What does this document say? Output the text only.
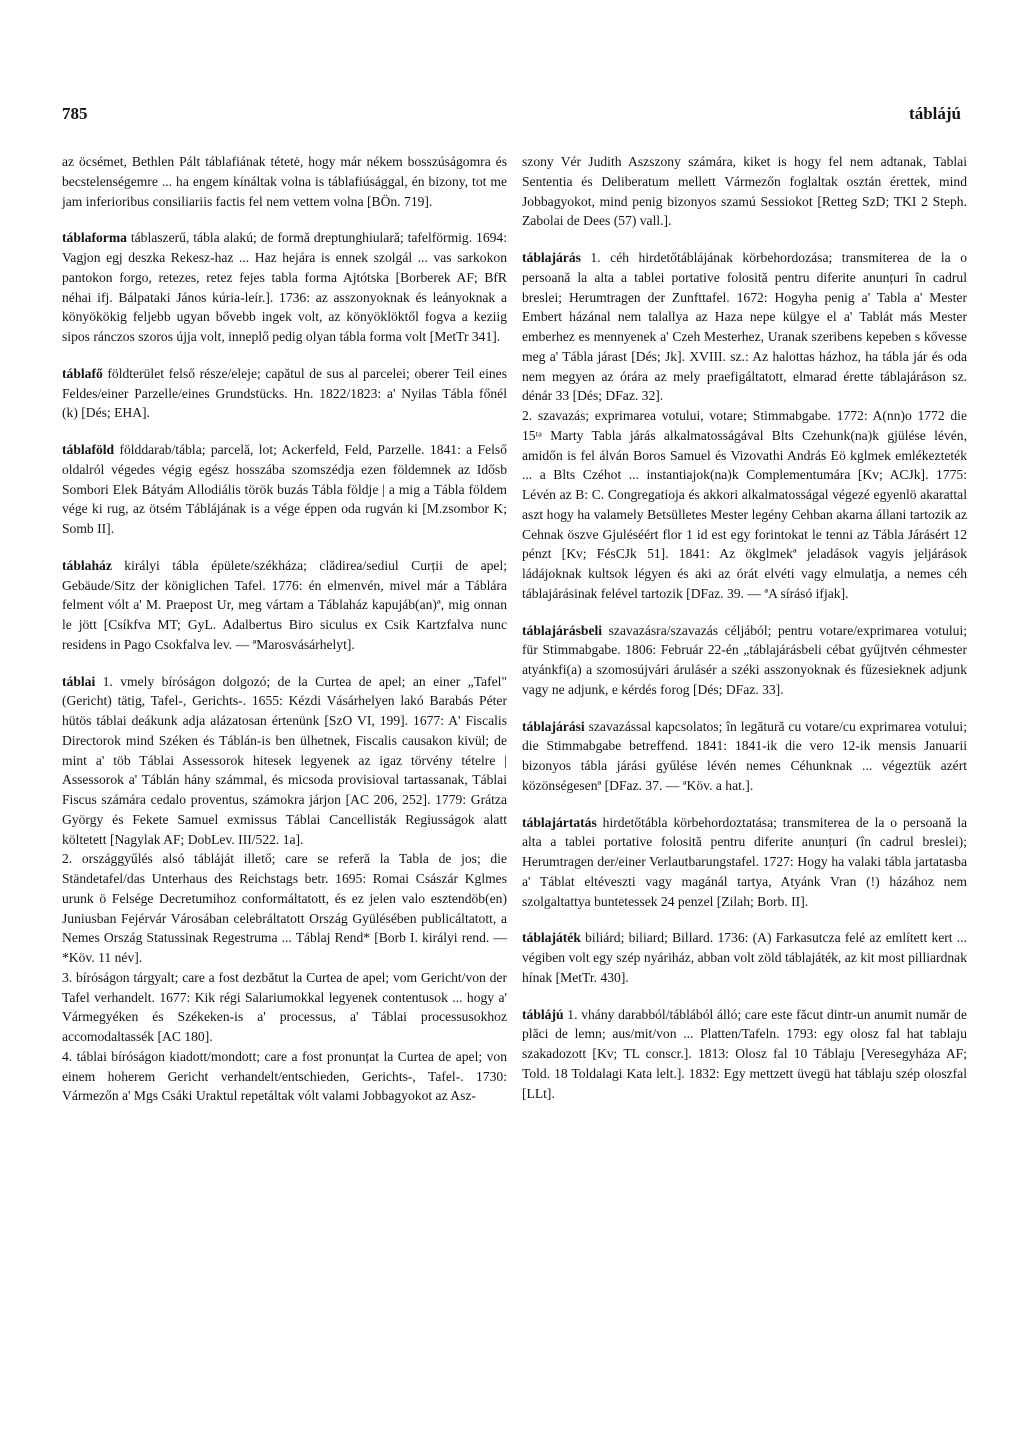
785	táblájú

az öcsémet, Bethlen Pált táblafiának tétetė, hogy már nékem bosszúságomra és becstelenségemre ... ha engem kínáltak volna is táblafiúsággal, én bizony, tot me jam inferioribus consiliariis factis fel nem vettem volna [BÖn. 719].

táblaforma táblaszerű, tábla alakú; de formă dreptunghiulară; tafelförmig. 1694: Vagjon egj deszka Rekesz-haz ... Haz hejára is ennek szolgál ... vas sarkokon pantokon forgo, retezes, retez fejes tabla forma Ajtótska [Borberek AF; BfR néhai ifj. Bálpataki János kúria-leír.]. 1736: az asszonyoknak és leányoknak a könyökökig feljebb ugyan bővebb ingek volt, az könyöklöktől fogva a keziig sipos ránczos szoros újja volt, inneplő pedig olyan tábla forma volt [MetTr 341].

táblafő földterület felső része/eleje; capătul de sus al parcelei; oberer Teil eines Feldes/einer Parzelle/eines Grundstücks. Hn. 1822/1823: a' Nyilas Tábla főnél (k) [Dés; EHA].

táblaföld földdarab/tábla; parcelă, lot; Ackerfeld, Feld, Parzelle. 1841: a Felső oldalról végedes végig egész hosszába szomszédja ezen földemnek az Idősb Sombori Elek Bátyám Allodiális török buzás Tábla földje | a mig a Tábla földem vége ki rug, az ötsém Táblájának is a vége éppen oda rugván ki [M.zsombor K; Somb II].

táblaház királyi tábla épülete/székháza; clădirea/sediul Curții de apel; Gebäude/Sitz der königlichen Tafel. 1776: én elmenvén, mivel már a Táblára felment vólt a' M. Praepost Ur, meg vártam a Táblaház kapujáb(an)ª, mig onnan le jött [Csíkfva MT; GyL. Adalbertus Biro siculus ex Csik Kartzfalva nunc residens in Pago Csokfalva lev. — ªMarosvásárhelyt].

táblai 1. vmely bíróságon dolgozó; de la Curtea de apel; an einer „Tafel" (Gericht) tätig, Tafel-, Gerichts-. 1655: Kézdi Vásárhelyen lakó Barabás Péter hütös táblai deákunk adja alázatosan értenünk [SzO VI, 199]. 1677: A' Fiscalis Directorok mind Széken és Táblán-is ben ülhetnek, Fiscalis causakon kivül; de mint a' töb Táblai Assessorok hitesek legyenek az igaz törvény tételre | Assessorok a' Táblán hány számmal, és micsoda provisioval tartassanak, Táblai Fiscus számára cedalo proventus, számokra járjon [AC 206, 252]. 1779: Grátza György és Fekete Samuel exmissus Táblai Cancellisták Regiusságok alatt költetett [Nagylak AF; DobLev. III/522. 1a].

2. országgyűlés alsó tábláját illető; care se referă la Tabla de jos; die Ständetafel/das Unterhaus des Reichstags betr. 1695: Romai Császár Kglmes urunk ö Felsége Decretumihoz conformáltatott, és ez jelen valo esztendöb(en) Juniusban Fejérvár Városában celebráltatott Ország Gyülésében publicáltatott, a Nemes Ország Statussinak Regestruma ... Táblaj Rend* [Borb I. királyi rend. — *Köv. 11 név].

3. bíróságon tárgyalt; care a fost dezbătut la Curtea de apel; vom Gericht/von der Tafel verhandelt. 1677: Kik régi Salariumokkal legyenek contentusok ... hogy a' Vármegyéken és Székeken-is a' processus, a' Táblai processusokhoz accomodaltassék [AC 180].

4. táblai bíróságon kiadott/mondott; care a fost pronunțat la Curtea de apel; von einem hoherem Gericht verhandelt/entschieden, Gerichts-, Tafel-. 1730: Vármezőn a' Mgs Csáki Uraktul repetáltak vólt valami Jobbagyokot az Asz-

szony Vér Judith Aszszony számára, kiket is hogy fel nem adtanak, Tablai Sententia és Deliberatum mellett Vármezőn foglaltak osztán érettek, mind Jobbagyokot, mind penig bizonyos szamú Sessiokot [Retteg SzD; TKI 2 Steph. Zabolai de Dees (57) vall.].

táblajárás 1. céh hirdetőtáblájának körbehordozása; transmiterea de la o persoană la alta a tablei portative folosită pentru diferite anunțuri în cadrul breslei; Herumtragen der Zunfttafel. 1672: Hogyha penig a' Tabla a' Mester Embert házánal nem talallya az Haza nepe külgye el a' Tablát más Mester emberhez es mennyenek a' Czeh Mesterhez, Uranak szeribens kepeben s kővesse meg a' Tábla járast [Dés; Jk]. XVIII. sz.: Az halottas házhoz, ha tábla jár és oda nem megyen az órára az mely praefigáltatott, elmarad érette táblajáráson sz. dénár 33 [Dés; DFaz. 32].

2. szavazás; exprimarea votului, votare; Stimmabgabe. 1772: A(nn)o 1772 die 15ᵗᵃ Marty Tabla járás alkalmatosságával Blts Czehunk(na)k gjülése lévén, amidőn is fel álván Boros Samuel és Vizovathi András Eö kglmek emlékezteték ... a Blts Czéhot ... instantiajok(na)k Complementumára [Kv; ACJk]. 1775: Lévén az B: C. Congregatioja és akkori alkalmatosságal végezé egyenlö akarattal aszt hogy ha valamely Betsülletes Mester legény Cehban akarna állani tartozik az Cehnak öszve Gjuléséért flor 1 id est egy forintokat le tenni az Tábla Járásért 12 pénzt [Kv; FésCJk 51]. 1841: Az ökglmekª jeladások vagyis jeljárások ládájoknak kultsok légyen és aki az órát elvéti vagy elmulatja, a nemes céh táblajárásinak felével tartozik [DFaz. 39. — ªA sírásó ifjak].

táblajárásbeli szavazásra/szavazás céljából; pentru votare/exprimarea votului; für Stimmabgabe. 1806: Február 22-én „táblajárásbeli cébat gyűjtvén céhmester atyánkfi(a) a szomosújvári árulásér a széki asszonyoknak és fűzesieknek adjunk vagy ne adjunk, e kérdés forog [Dés; DFaz. 33].

táblajárási szavazással kapcsolatos; în legătură cu votare/cu exprimarea votului; die Stimmabgabe betreffend. 1841: 1841-ik die vero 12-ik mensis Januarii bizonyos tábla járási gyűlése lévén nemes Céhunknak ... végeztük azért közönségesenª [DFaz. 37. — ªKöv. a hat.].

táblajártatás hirdetőtábla körbehordoztatása; transmiterea de la o persoană la alta a tablei portative folosită pentru diferite anunțuri (în cadrul breslei); Herumtragen der/einer Verlautbarungstafel. 1727: Hogy ha valaki tábla jartatasba a' Táblat eltéveszti vagy magánál tartya, Atyánk Vran (!) házához nem szolgaltattya buntetessek 24 penzel [Zilah; Borb. II].

táblajáték biliárd; biliard; Billard. 1736: (A) Farkasutcza felé az említett kert ... végiben volt egy szép nyáriház, abban volt zöld táblajáték, az kit most pilliardnak hínak [MetTr. 430].

táblájú 1. vhány darabból/táblából álló; care este făcut dintr-un anumit număr de plăci de lemn; aus/mit/von ... Platten/Tafeln. 1793: egy olosz fal hat tablaju szakadozott [Kv; TL conscr.]. 1813: Olosz fal 10 Táblaju [Veresegyháza AF; Told. 18 Toldalagi Kata lelt.]. 1832: Egy mettzett üvegü hat táblaju szép oloszfal [LLt].
